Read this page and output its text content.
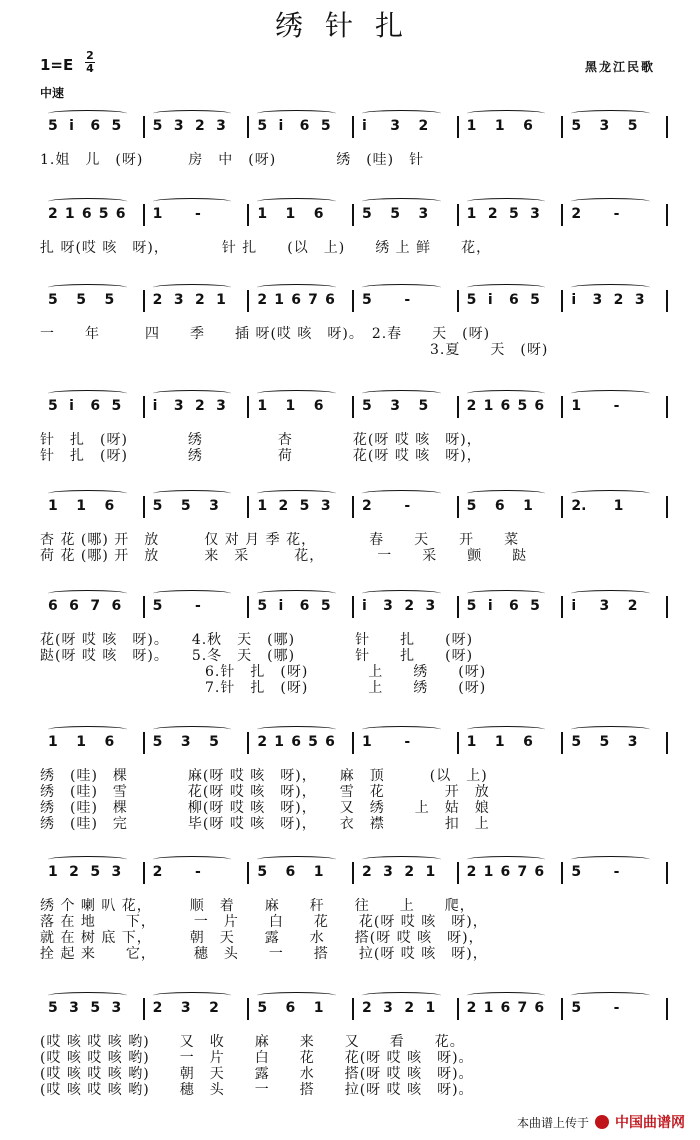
绣针扎
1=E
2
4
中速
黑龙江民歌
5 i 6 5 5 3 2 3 5 i 6 5 i 3 2	1 1 6	5 3 5
1.姐　儿　(呀)　　　房　中　(呀)　　　　绣　(哇)　针
2 1 6 5 6 1 -	1 1 6	5 5 3	1 2 5 3 2 -
扎 呀(哎 咳　呀)，　　　　针 扎　　(以　上)　　绣 上 鲜　　花，
5 5 5	2 3 2 1 2 1 6 7 6 5 -	5 i 6 5 i 3 2 3
一　　年　　　四　　季　　插 呀(哎 咳　呀)。　2.春　　天　(呀)
　　　　　　　　　　　　　　　　　　　　　　　　　　3.夏　　天　(呀)
5 i 6 5 i 3 2 3 1 1 6	5 3 5	2 1 6 5 6 1 -
针　扎　(呀)　　　　绣　　　　　杏　　　　花(呀 哎 咳　呀)，
针　扎　(呀)　　　　绣　　　　　荷　　　　花(呀 哎 咳　呀)，
1 1 6	5 5 3	1 2 5 3 2 -	5 6 1	2. 1
杏 花 (哪) 开　放　　　仅 对 月 季 花，　　　　春　　天　　开　　菜
荷 花 (哪) 开　放　　　来　采　　　花，　　　　一　　采　　颤　　跶
6 6 7 6 5 -	5 i 6 5 i 3 2 3 5 i 6 5 i 3 2
花(呀 哎 咳　呀)。　　4.秋　天　(哪)　　　　针　　扎　　(呀)
跶(呀 哎 咳　呀)。　　5.冬　天　(哪)　　　　针　　扎　　(呀)
　　　　　　　　　　　6.针　扎　(呀)　　　　上　　绣　　(呀)
　　　　　　　　　　　7.针　扎　(呀)　　　　上　　绣　　(呀)
1 1 6	5 3 5	2 1 6 5 6 1 -	1 1 6	5 5 3
绣　(哇)　棵　　　　麻(呀 哎 咳　呀)，　　麻　顶　　　(以　上)
绣　(哇)　雪　　　　花(呀 哎 咳　呀)，　　雪　花　　　　开　放
绣　(哇)　棵　　　　柳(呀 哎 咳　呀)，　　又　绣　　上　姑　娘
绣　(哇)　完　　　　毕(呀 哎 咳　呀)，　　衣　襟　　　　扣　上
1 2 5 3 2 -	5 6 1	2 3 2 1 2 1 6 7 6 5 -
绣 个 喇 叭 花，　　　顺　着　　麻　　秆　　往　　上　　爬，
落 在 地　　下，　　　一　片　　白　　花　　花(呀 哎 咳　呀)，
就 在 树 底 下，　　　朝　天　　露　　水　　搭(呀 哎 咳　呀)，
拴 起 来　　它，　　　穗　头　　一　　搭　　拉(呀 哎 咳　呀)，
5 3 5 3 2 3 2	5 6 1	2 3 2 1 2 1 6 7 6 5 -
(哎 咳 哎 咳 哟)　　又　收　　麻　　来　　又　　看　　花。
(哎 咳 哎 咳 哟)　　一　片　　白　　花　　花(呀 哎 咳　呀)。
(哎 咳 哎 咳 哟)　　朝　天　　露　　水　　搭(呀 哎 咳　呀)。
(哎 咳 哎 咳 哟)　　穗　头　　一　　搭　　拉(呀 哎 咳　呀)。
本曲谱上传于 中国曲谱网
